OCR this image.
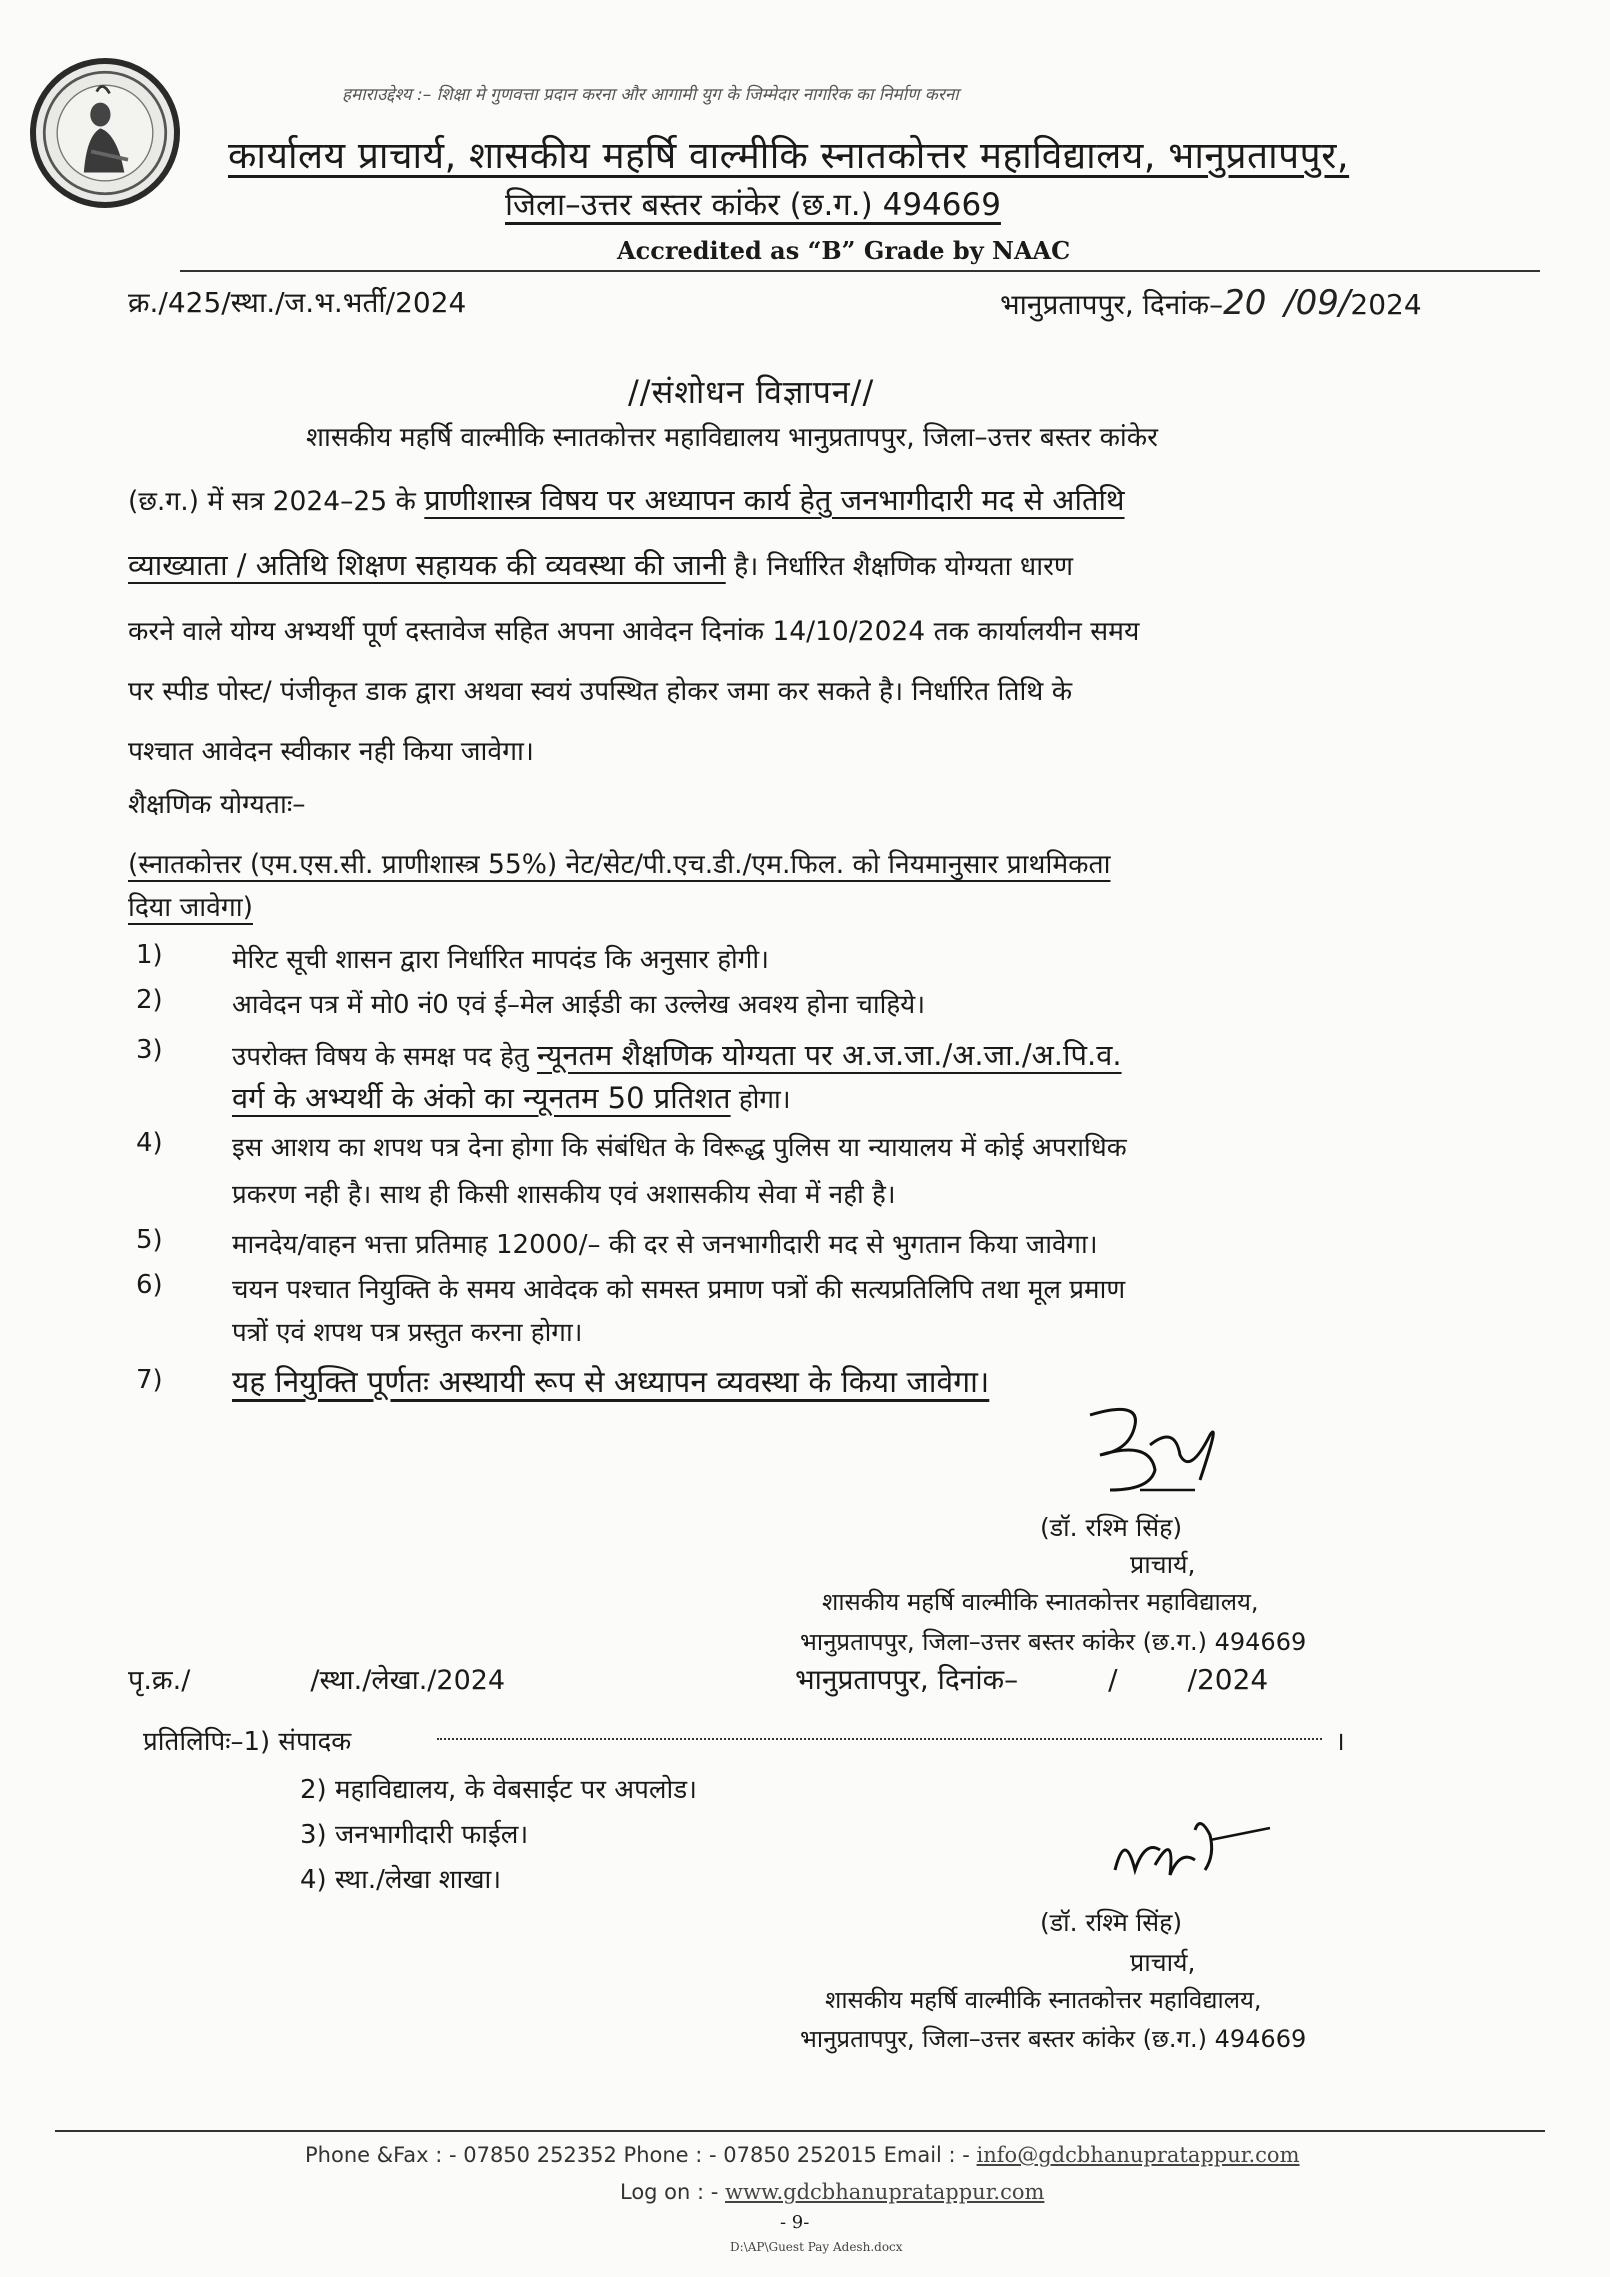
हमाराउद्देश्य :– शिक्षा मे गुणवत्ता प्रदान करना और आगामी युग के जिम्मेदार नागरिक का निर्माण करना
कार्यालय प्राचार्य, शासकीय महर्षि वाल्मीकि स्नातकोत्तर महाविद्यालय, भानुप्रतापपुर,
जिला–उत्तर बस्तर कांकेर (छ.ग.) 494669
Accredited as “B” Grade by NAAC
क्र./425/स्था./ज.भ.भर्ती/2024	भानुप्रतापपुर, दिनांक–20 /09/2024
//संशोधन विज्ञापन//
शासकीय महर्षि वाल्मीकि स्नातकोत्तर महाविद्यालय भानुप्रतापपुर, जिला–उत्तर बस्तर कांकेर
(छ.ग.) में सत्र 2024–25 के प्राणीशास्त्र विषय पर अध्यापन कार्य हेतु जनभागीदारी मद से अतिथि
व्याख्याता / अतिथि शिक्षण सहायक की व्यवस्था की जानी है। निर्धारित शैक्षणिक योग्यता धारण
करने वाले योग्य अभ्यर्थी पूर्ण दस्तावेज सहित अपना आवेदन दिनांक 14/10/2024 तक कार्यालयीन समय
पर स्पीड पोस्ट/ पंजीकृत डाक द्वारा अथवा स्वयं उपस्थित होकर जमा कर सकते है। निर्धारित तिथि के
पश्चात आवेदन स्वीकार नही किया जावेगा।
शैक्षणिक योग्यताः–
(स्नातकोत्तर (एम.एस.सी. प्राणीशास्त्र 55%) नेट/सेट/पी.एच.डी./एम.फिल. को नियमानुसार प्राथमिकता
दिया जावेगा)
1)	मेरिट सूची शासन द्वारा निर्धारित मापदंड कि अनुसार होगी।
2)	आवेदन पत्र में मो0 नं0 एवं ई–मेल आईडी का उल्लेख अवश्य होना चाहिये।
3)	उपरोक्त विषय के समक्ष पद हेतु न्यूनतम शैक्षणिक योग्यता पर अ.ज.जा./अ.जा./अ.पि.व.
वर्ग के अभ्यर्थी के अंको का न्यूनतम 50 प्रतिशत होगा।
4)	इस आशय का शपथ पत्र देना होगा कि संबंधित के विरूद्ध पुलिस या न्यायालय में कोई अपराधिक
प्रकरण नही है। साथ ही किसी शासकीय एवं अशासकीय सेवा में नही है।
5)	मानदेय/वाहन भत्ता प्रतिमाह 12000/– की दर से जनभागीदारी मद से भुगतान किया जावेगा।
6)	चयन पश्चात नियुक्ति के समय आवेदक को समस्त प्रमाण पत्रों की सत्यप्रतिलिपि तथा मूल प्रमाण
पत्रों एवं शपथ पत्र प्रस्तुत करना होगा।
7) यह नियुक्ति पूर्णतः अस्थायी रूप से अध्यापन व्यवस्था के किया जावेगा।
(डॉ. रश्मि सिंह)
प्राचार्य,
शासकीय महर्षि वाल्मीकि स्नातकोत्तर महाविद्यालय,
भानुप्रतापपुर, जिला–उत्तर बस्तर कांकेर (छ.ग.) 494669
पृ.क्र./	/स्था./लेखा./2024	भानुप्रतापपुर, दिनांक–	/	/2024
प्रतिलिपिः–1) संपादक	।
2) महाविद्यालय, के वेबसाईट पर अपलोड।
3) जनभागीदारी फाईल।
4) स्था./लेखा शाखा।
(डॉ. रश्मि सिंह)
प्राचार्य,
शासकीय महर्षि वाल्मीकि स्नातकोत्तर महाविद्यालय,
भानुप्रतापपुर, जिला–उत्तर बस्तर कांकेर (छ.ग.) 494669
Phone &Fax : - 07850 252352 Phone : - 07850 252015 Email : - info@gdcbhanupratappur.com
Log on : - www.gdcbhanupratappur.com
- 9-
D:\AP\Guest Pay Adesh.docx
